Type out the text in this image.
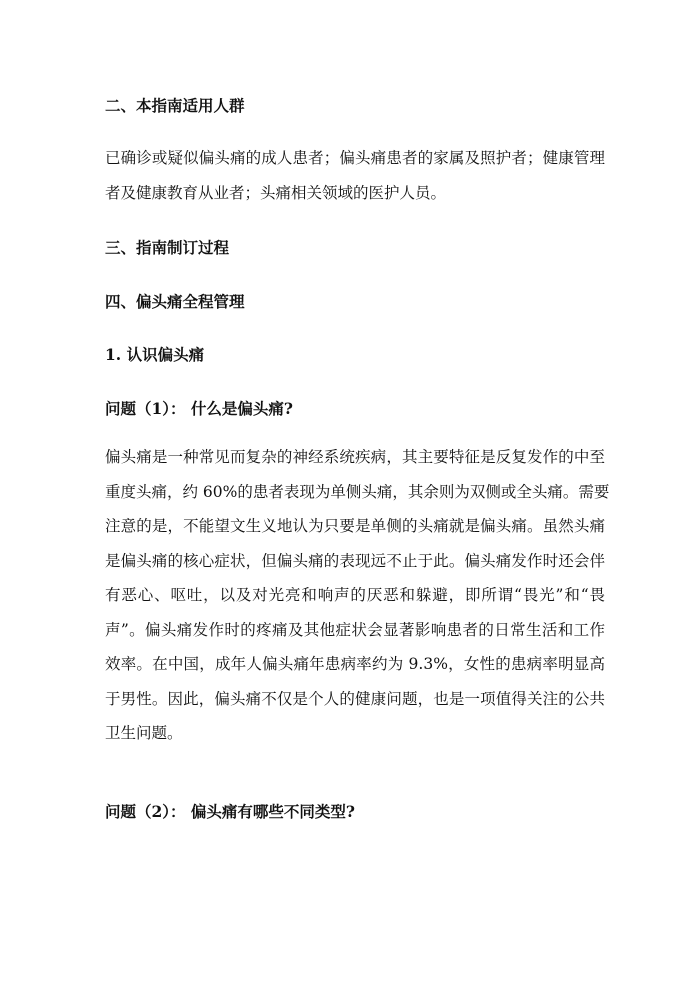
二、本指南适用人群

已确诊或疑似偏头痛的成人患者；偏头痛患者的家属及照护者；健康管理
者及健康教育从业者；头痛相关领域的医护人员。

三、指南制订过程

四、偏头痛全程管理

1. 认识偏头痛

问题（1）： 什么是偏头痛?

偏头痛是一种常见而复杂的神经系统疾病，其主要特征是反复发作的中至
重度头痛，约 60%的患者表现为单侧头痛，其余则为双侧或全头痛。需要
注意的是，不能望文生义地认为只要是单侧的头痛就是偏头痛。虽然头痛
是偏头痛的核心症状，但偏头痛的表现远不止于此。偏头痛发作时还会伴
有恶心、呕吐，以及对光亮和响声的厌恶和躲避，即所谓“畏光”和“畏
声”。偏头痛发作时的疼痛及其他症状会显著影响患者的日常生活和工作
效率。在中国，成年人偏头痛年患病率约为 9.3%，女性的患病率明显高
于男性。因此，偏头痛不仅是个人的健康问题，也是一项值得关注的公共
卫生问题。

问题（2）： 偏头痛有哪些不同类型?
